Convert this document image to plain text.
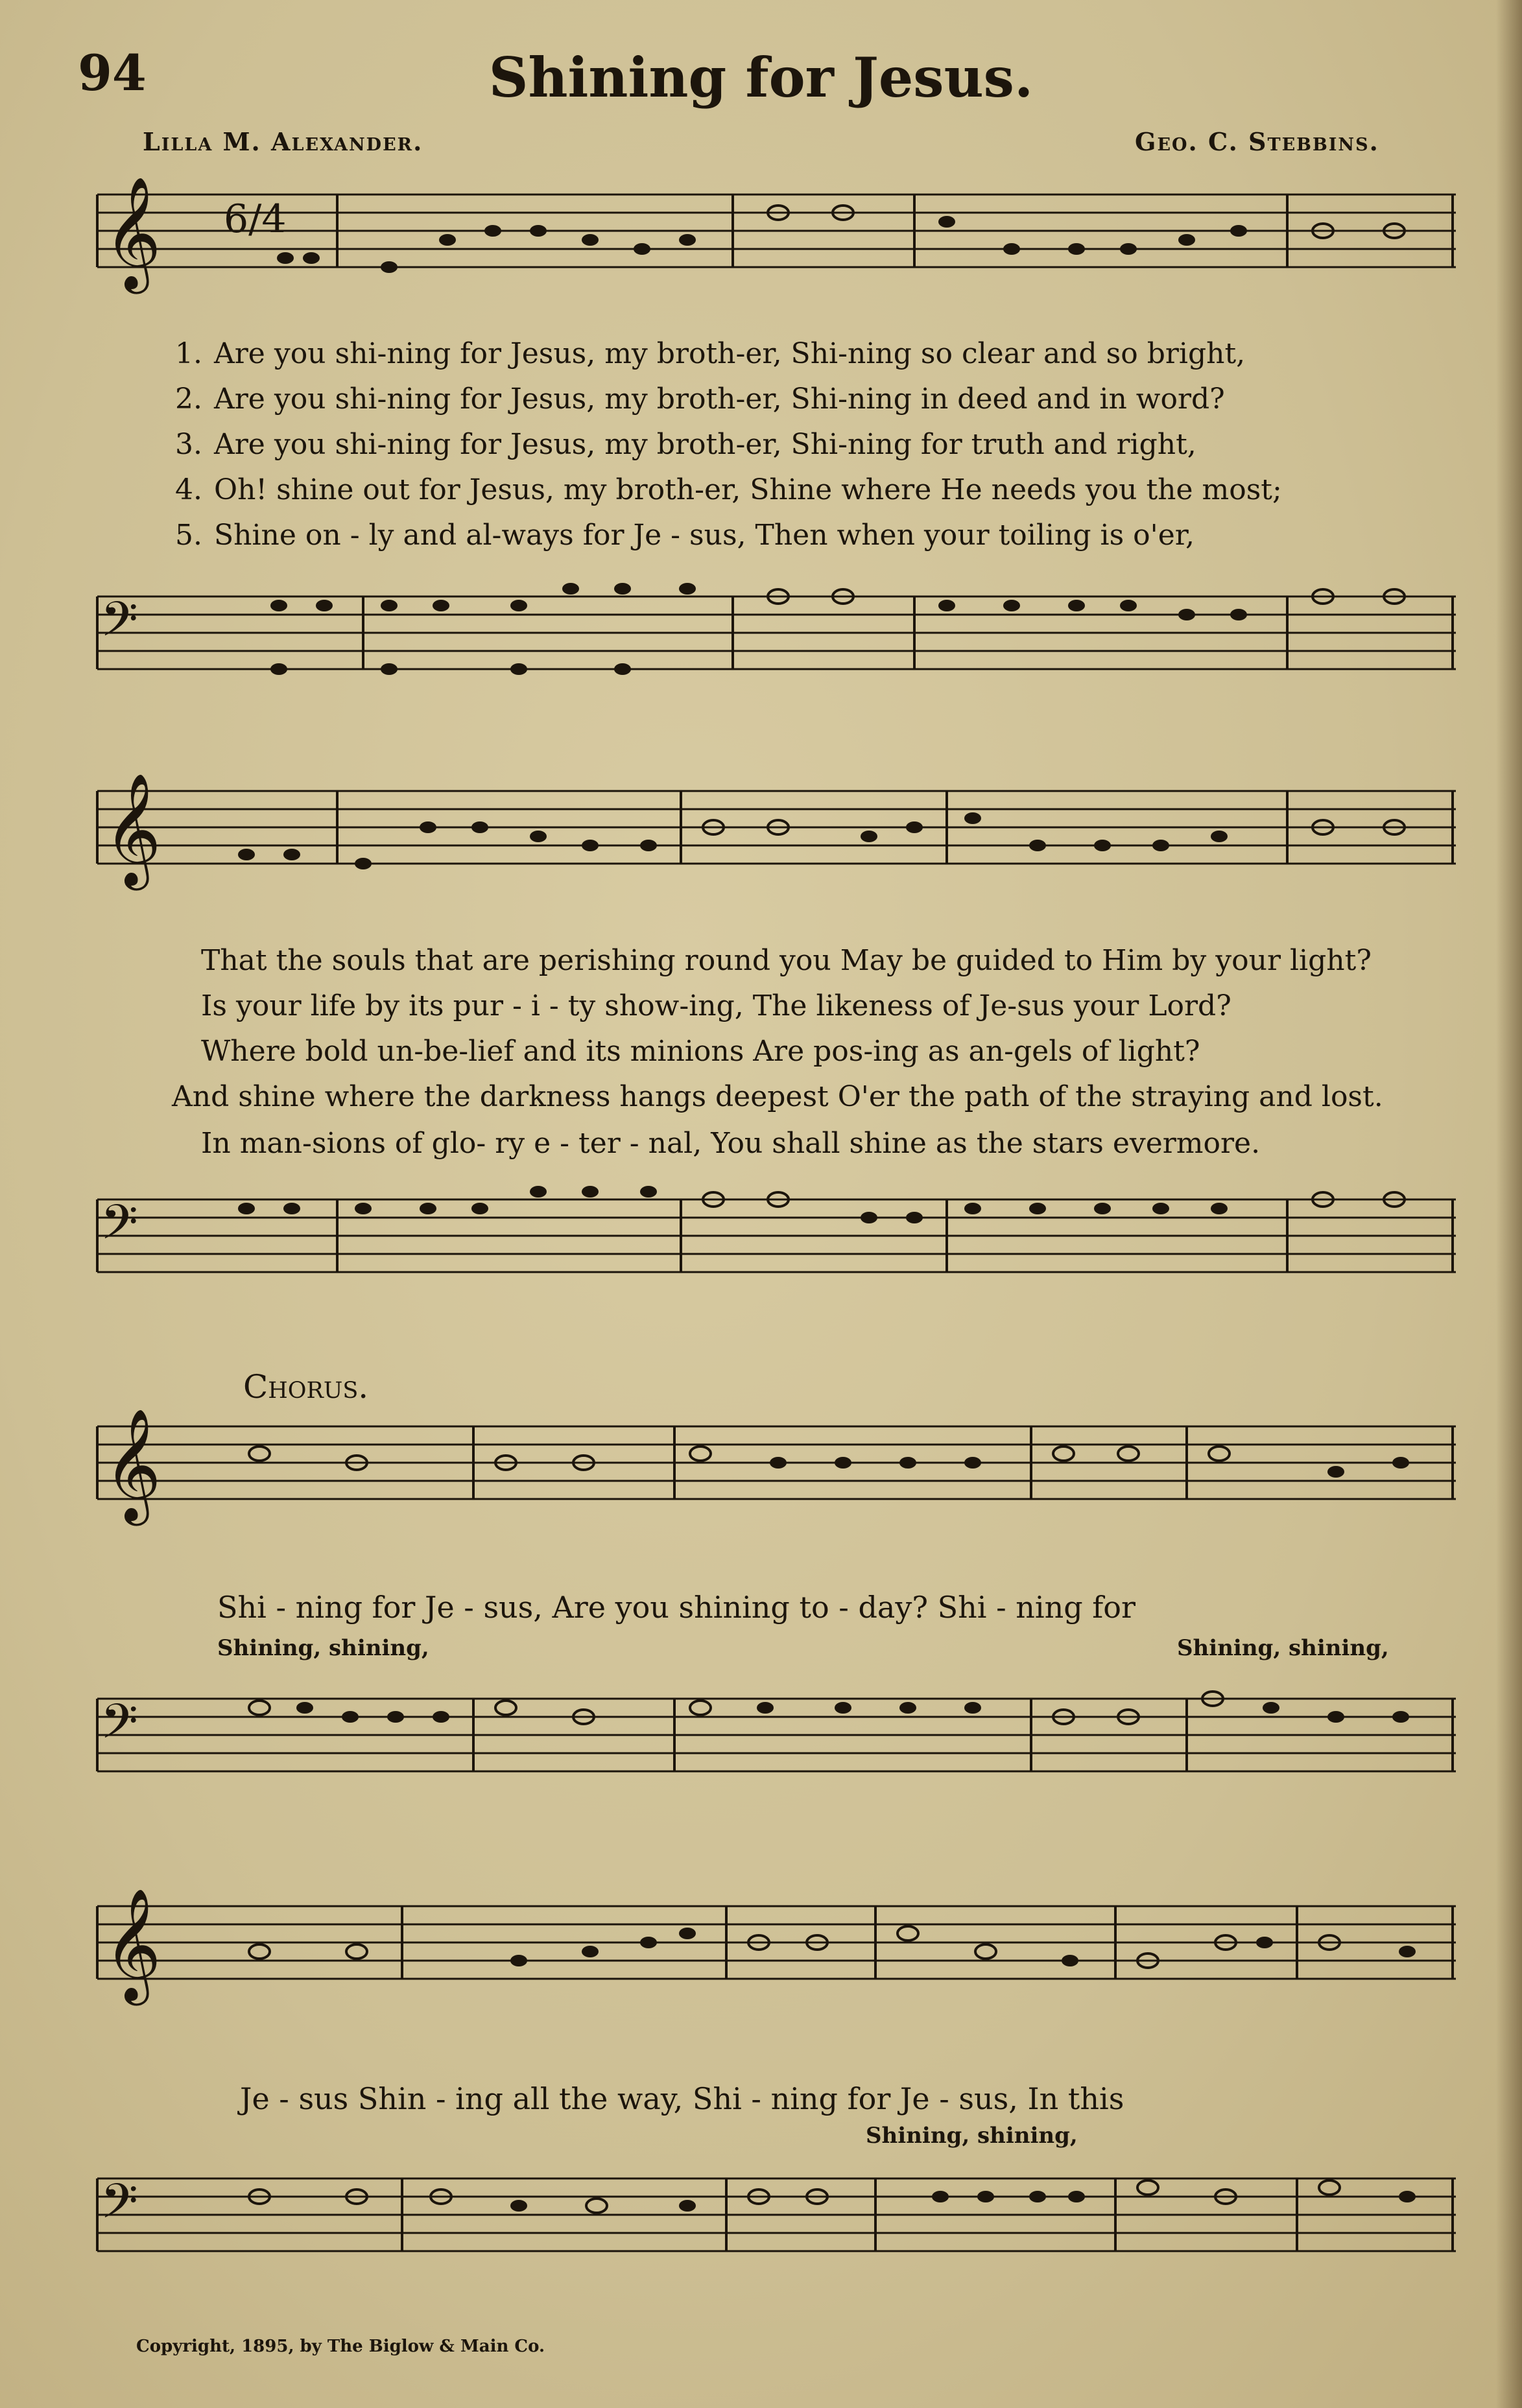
94	Shining for Jesus.
Lilla M. Alexander.	Geo. C. Stebbins.
𝄞 6/4
1. Are you shi-ning for Jesus, my broth-er, Shi-ning so clear and so bright,
2. Are you shi-ning for Jesus, my broth-er, Shi-ning in deed and in word?
3. Are you shi-ning for Jesus, my broth-er, Shi-ning for truth and right,
4. Oh! shine out for Jesus, my broth-er, Shine where He needs you the most;
5. Shine on - ly and al-ways for Je - sus, Then when your toiling is o'er,
𝄢
𝄞
That the souls that are perishing round you May be guided to Him by your light?
Is your life by its pur - i - ty show-ing, The likeness of Je-sus your Lord?
Where bold un-be-lief and its minions Are pos-ing as an-gels of light?
And shine where the darkness hangs deepest O'er the path of the straying and lost.
In man-sions of glo- ry e - ter - nal, You shall shine as the stars evermore.
𝄢
Chorus.
𝄞
Shi - ning for Je - sus, Are you shining to - day? Shi - ning for
Shining, shining,	Shining, shining,
𝄢
𝄞
Je - sus Shin - ing all the way, Shi - ning for Je - sus, In this
Shining, shining,
𝄢
Copyright, 1895, by The Biglow & Main Co.
